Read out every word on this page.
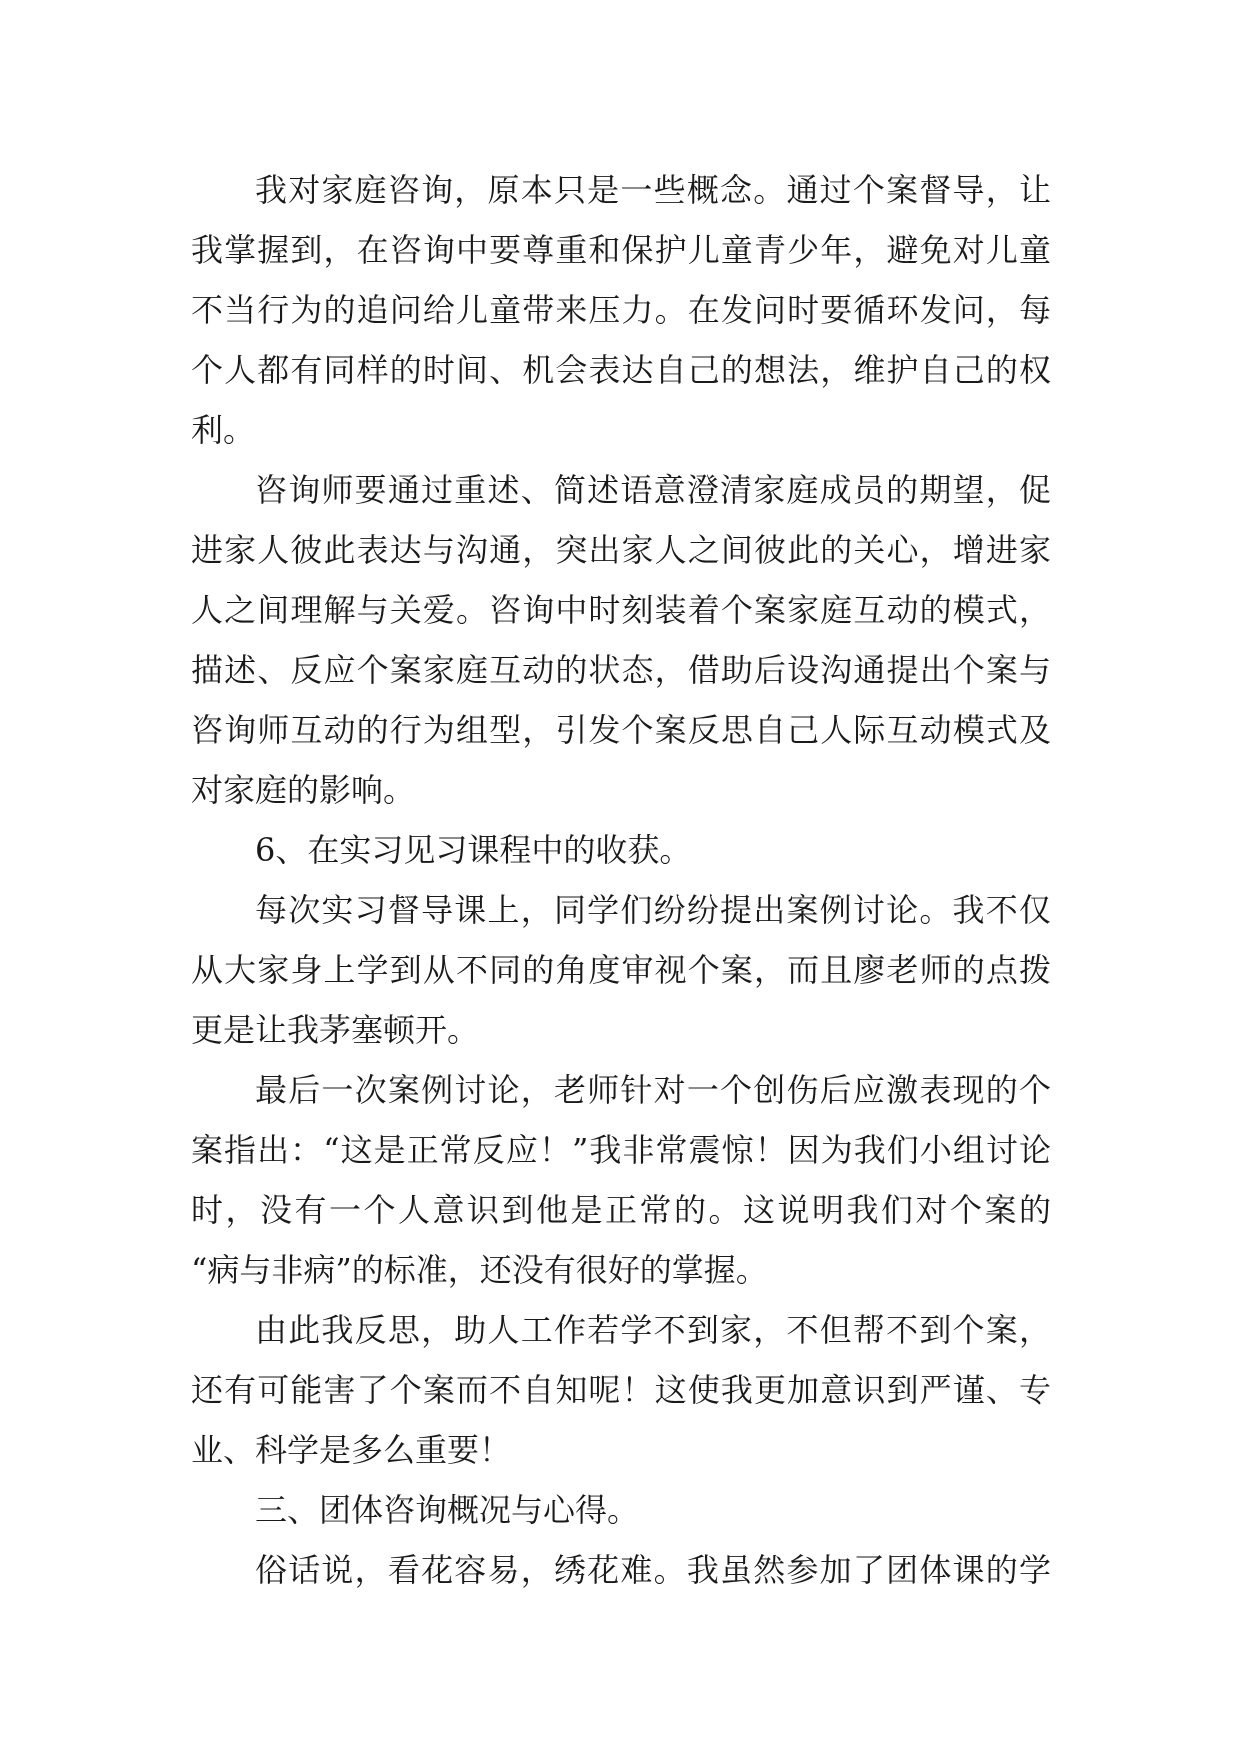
我对家庭咨询，原本只是一些概念。通过个案督导，让
我掌握到，在咨询中要尊重和保护儿童青少年，避免对儿童
不当行为的追问给儿童带来压力。在发问时要循环发问，每
个人都有同样的时间、机会表达自己的想法，维护自己的权
利。
咨询师要通过重述、简述语意澄清家庭成员的期望，促
进家人彼此表达与沟通，突出家人之间彼此的关心，增进家
人之间理解与关爱。咨询中时刻装着个案家庭互动的模式，
描述、反应个案家庭互动的状态，借助后设沟通提出个案与
咨询师互动的行为组型，引发个案反思自己人际互动模式及
对家庭的影响。
6、在实习见习课程中的收获。
每次实习督导课上，同学们纷纷提出案例讨论。我不仅
从大家身上学到从不同的角度审视个案，而且廖老师的点拨
更是让我茅塞顿开。
最后一次案例讨论，老师针对一个创伤后应激表现的个
案指出：“这是正常反应！”我非常震惊！因为我们小组讨论
时，没有一个人意识到他是正常的。这说明我们对个案的
“病与非病”的标准，还没有很好的掌握。
由此我反思，助人工作若学不到家，不但帮不到个案，
还有可能害了个案而不自知呢！这使我更加意识到严谨、专
业、科学是多么重要！
三、团体咨询概况与心得。
俗话说，看花容易，绣花难。我虽然参加了团体课的学
